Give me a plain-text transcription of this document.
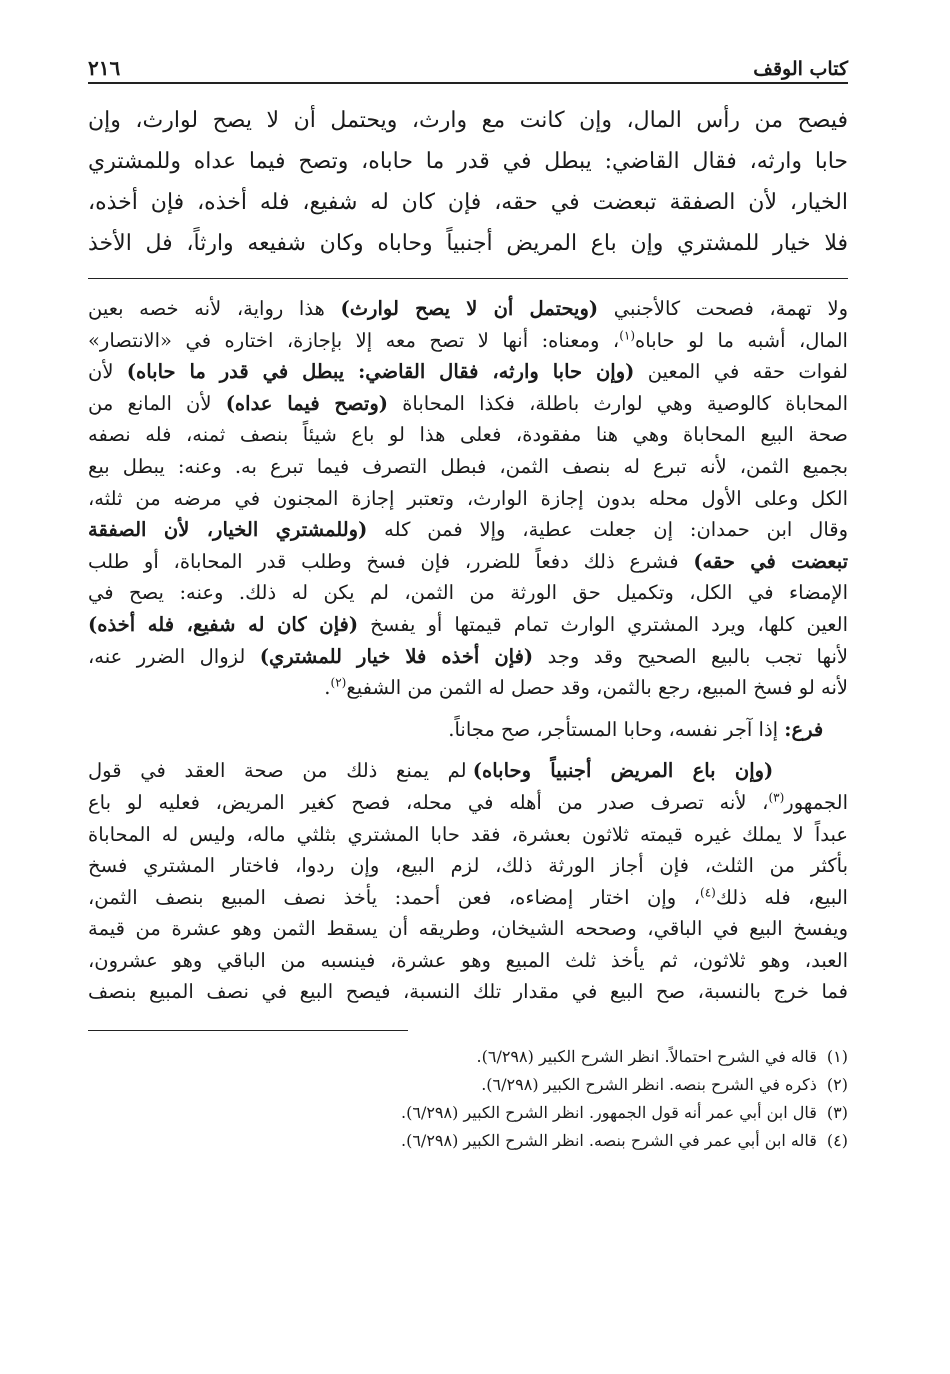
كتاب الوقف
٢١٦

فيصح من رأس المال، وإن كانت مع وارث، ويحتمل أن لا يصح لوارث، وإن

حابا وارثه، فقال القاضي: يبطل في قدر ما حاباه، وتصح فيما عداه وللمشتري

الخيار، لأن الصفقة تبعضت في حقه، فإن كان له شفيع، فله أخذه، فإن أخذه،

فلا خيار للمشتري وإن باع المريض أجنبياً وحاباه وكان شفيعه وارثاً، فل الأخذ

ولا تهمة، فصحت كالأجنبي (ويحتمل أن لا يصح لوارث) هذا رواية، لأنه خصه بعين

المال، أشبه ما لو حاباه$^{(١)}$، ومعناه: أنها لا تصح معه إلا بإجازة، اختاره في «الانتصار»

لفوات حقه في المعين (وإن حابا وارثه، فقال القاضي: يبطل في قدر ما حاباه) لأن

المحاباة كالوصية وهي لوارث باطلة، فكذا المحاباة (وتصح فيما عداه) لأن المانع من

صحة البيع المحاباة وهي هنا مفقودة، فعلى هذا لو باع شيئاً بنصف ثمنه، فله نصفه

بجميع الثمن، لأنه تبرع له بنصف الثمن، فبطل التصرف فيما تبرع به. وعنه: يبطل بيع

الكل وعلى الأول محله بدون إجازة الوارث، وتعتبر إجازة المجنون في مرضه من ثلثه،

وقال ابن حمدان: إن جعلت عطية، وإلا فمن كله (وللمشتري الخيار، لأن الصفقة

تبعضت في حقه) فشرع ذلك دفعاً للضرر، فإن فسخ وطلب قدر المحاباة، أو طلب

الإمضاء في الكل، وتكميل حق الورثة من الثمن، لم يكن له ذلك. وعنه: يصح في

العين كلها، ويرد المشتري الوارث تمام قيمتها أو يفسخ (فإن كان له شفيع، فله أخذه)

لأنها تجب بالبيع الصحيح وقد وجد (فإن أخذه فلا خيار للمشتري) لزوال الضرر عنه،

لأنه لو فسخ المبيع، رجع بالثمن، وقد حصل له الثمن من الشفيع$^{(٢)}$.

فرع: إذا آجر نفسه، وحابا المستأجر، صح مجاناً.

(وإن باع المريض أجنبياً وحاباه) لم يمنع ذلك من صحة العقد في قول

الجمهور$^{(٣)}$، لأنه تصرف صدر من أهله في محله، فصح كغير المريض، فعليه لو باع

عبداً لا يملك غيره قيمته ثلاثون بعشرة، فقد حابا المشتري بثلثي ماله، وليس له المحاباة

بأكثر من الثلث، فإن أجاز الورثة ذلك، لزم البيع، وإن ردوا، فاختار المشتري فسخ

البيع، فله ذلك$^{(٤)}$، وإن اختار إمضاءه، فعن أحمد: يأخذ نصف المبيع بنصف الثمن،

ويفسخ البيع في الباقي، وصححه الشيخان، وطريقه أن يسقط الثمن وهو عشرة من قيمة

العبد، وهو ثلاثون، ثم يأخذ ثلث المبيع وهو عشرة، فينسبه من الباقي وهو عشرون،

فما خرج بالنسبة، صح البيع في مقدار تلك النسبة، فيصح البيع في نصف المبيع بنصف

(١)
قاله في الشرح احتمالاً. انظر الشرح الكبير (٦/٢٩٨).
(٢)
ذكره في الشرح بنصه. انظر الشرح الكبير (٦/٢٩٨).
(٣)
قال ابن أبي عمر أنه قول الجمهور. انظر الشرح الكبير (٦/٢٩٨).
(٤)
قاله ابن أبي عمر في الشرح بنصه. انظر الشرح الكبير (٦/٢٩٨).
